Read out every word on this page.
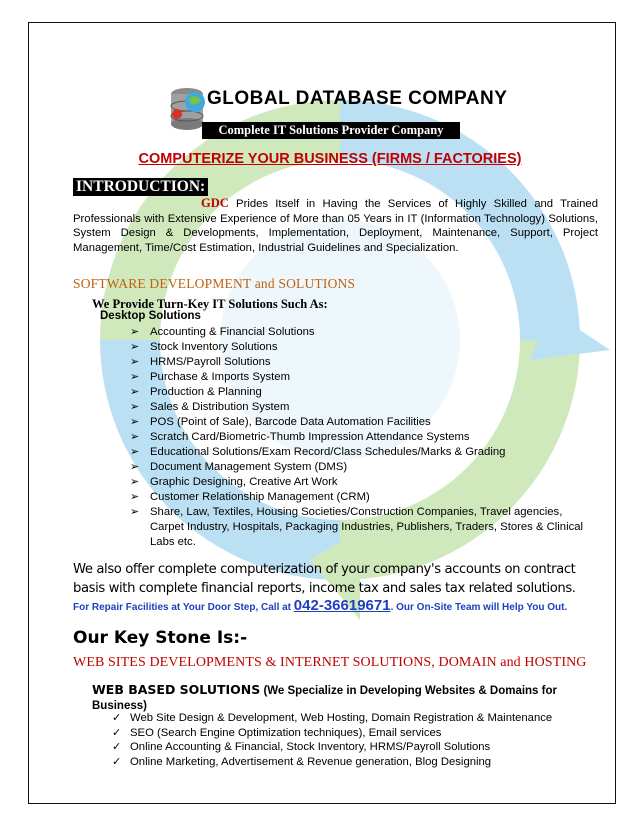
GLOBAL DATABASE COMPANY
Complete IT Solutions Provider Company
COMPUTERIZE YOUR BUSINESS (FIRMS / FACTORIES)
INTRODUCTION:
GDC Prides Itself in Having the Services of Highly Skilled and Trained Professionals with Extensive Experience of More than 05 Years in IT (Information Technology) Solutions, System Design & Developments, Implementation, Deployment, Maintenance, Support, Project Management, Time/Cost Estimation, Industrial Guidelines and Specialization.
SOFTWARE DEVELOPMENT and SOLUTIONS
We Provide Turn-Key IT Solutions Such As:
Desktop Solutions
➢ Accounting & Financial Solutions
➢ Stock Inventory Solutions
➢ HRMS/Payroll Solutions
➢ Purchase & Imports System
➢ Production & Planning
➢ Sales & Distribution System
➢ POS (Point of Sale), Barcode Data Automation Facilities
➢ Scratch Card/Biometric-Thumb Impression Attendance Systems
➢ Educational Solutions/Exam Record/Class Schedules/Marks & Grading
➢ Document Management System (DMS)
➢ Graphic Designing, Creative Art Work
➢ Customer Relationship Management (CRM)
➢ Share, Law, Textiles, Housing Societies/Construction Companies, Travel agencies, Carpet Industry, Hospitals, Packaging Industries, Publishers, Traders, Stores & Clinical Labs etc.
We also offer complete computerization of your company's accounts on contract basis with complete financial reports, income tax and sales tax related solutions.
For Repair Facilities at Your Door Step, Call at 042-36619671. Our On-Site Team will Help You Out.
Our Key Stone Is:-
WEB SITES DEVELOPMENTS & INTERNET SOLUTIONS, DOMAIN and HOSTING
WEB BASED SOLUTIONS (We Specialize in Developing Websites & Domains for Business)
✓ Web Site Design & Development, Web Hosting, Domain Registration & Maintenance
✓ SEO (Search Engine Optimization techniques), Email services
✓ Online Accounting & Financial, Stock Inventory, HRMS/Payroll Solutions
✓ Online Marketing, Advertisement & Revenue generation, Blog Designing
